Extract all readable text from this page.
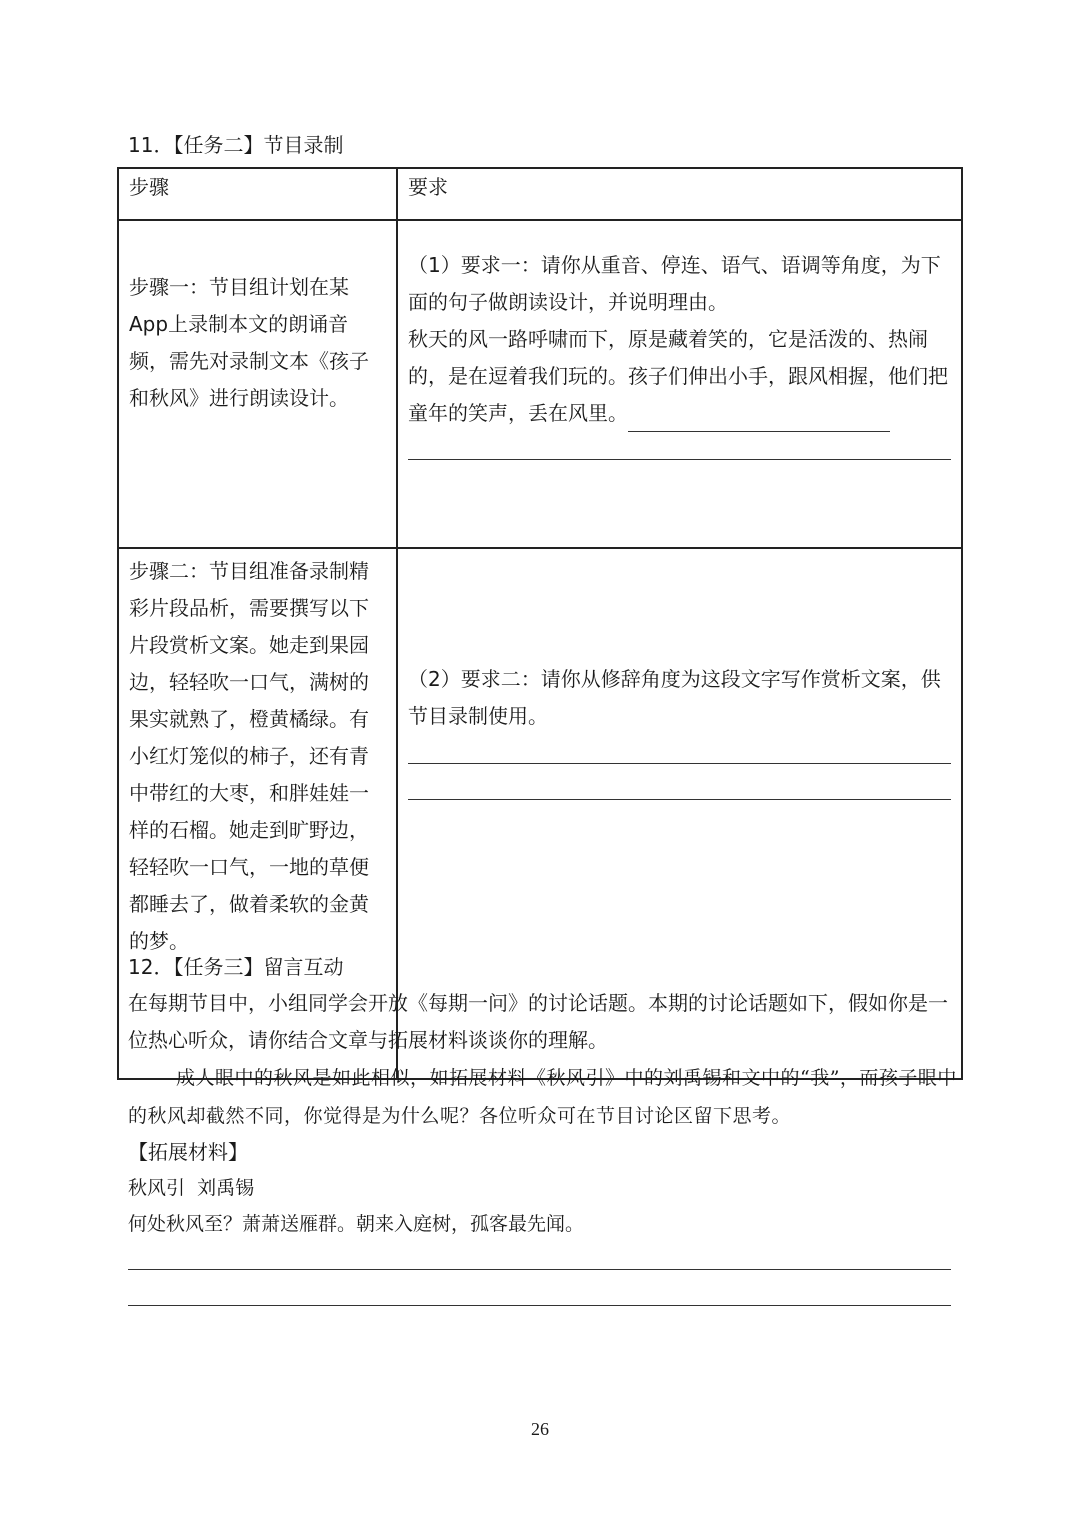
11．【任务二】节目录制
步骤	要求

步骤一：节目组计划在某App上录制本文的朗诵音频，需先对录制文本《孩子和秋风》进行朗读设计。	（1）要求一：请你从重音、停连、语气、语调等角度，为下面的句子做朗读设计，并说明理由。
秋天的风一路呼啸而下，原是藏着笑的，它是活泼的、热闹的，是在逗着我们玩的。孩子们伸出小手，跟风相握，他们把童年的笑声，丢在风里。

步骤二：节目组准备录制精彩片段品析，需要撰写以下片段赏析文案。她走到果园边，轻轻吹一口气，满树的果实就熟了，橙黄橘绿。有小红灯笼似的柿子，还有青中带红的大枣，和胖娃娃一样的石榴。她走到旷野边，轻轻吹一口气，一地的草便都睡去了，做着柔软的金黄的梦。	（2）要求二：请你从修辞角度为这段文字写作赏析文案，供节目录制使用。
12．【任务三】留言互动
在每期节目中，小组同学会开放《每期一问》的讨论话题。本期的讨论话题如下，假如你是一位热心听众，请你结合文章与拓展材料谈谈你的理解。
成人眼中的秋风是如此相似，如拓展材料《秋风引》中的刘禹锡和文中的“我”，而孩子眼中的秋风却截然不同，你觉得是为什么呢？各位听众可在节目讨论区留下思考。
【拓展材料】
秋风引  刘禹锡
何处秋风至？萧萧送雁群。朝来入庭树，孤客最先闻。
26
